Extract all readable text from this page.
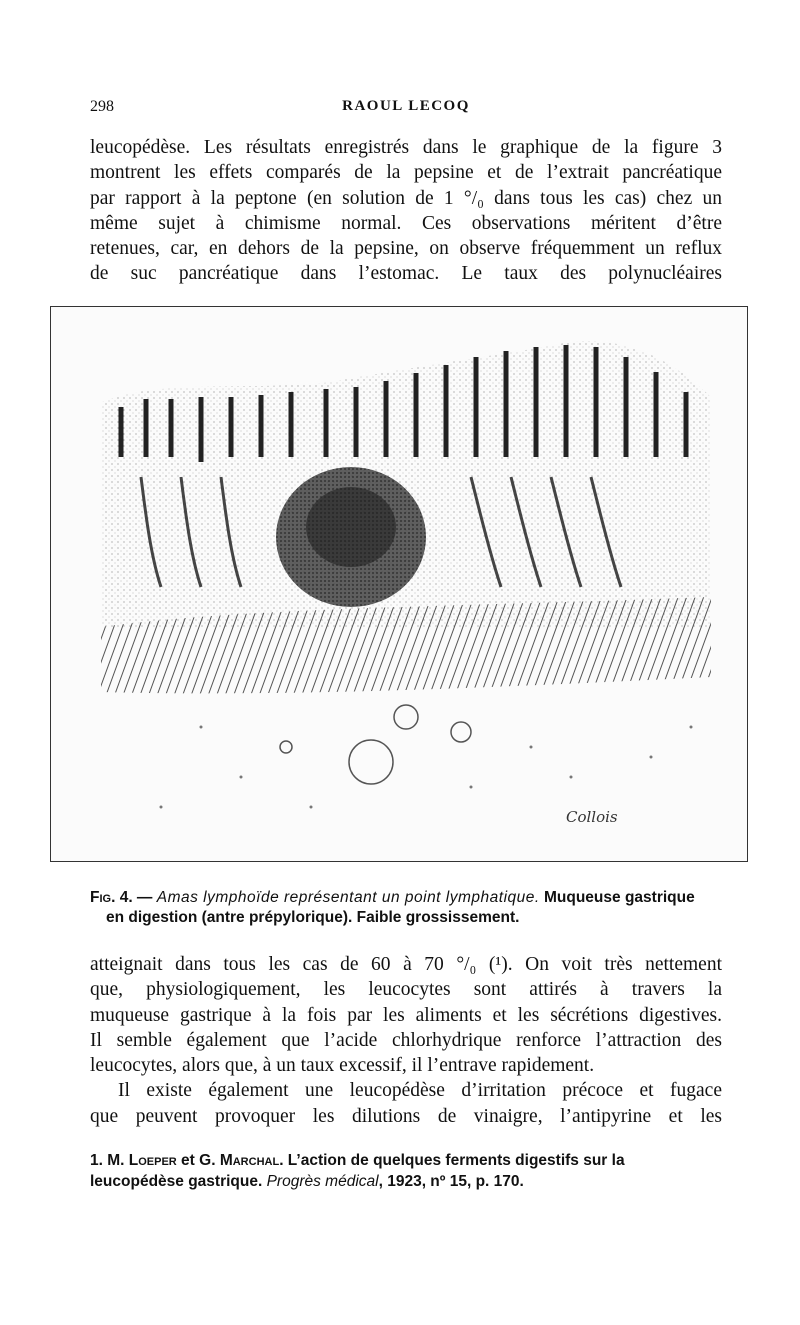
298	RAOUL LECOQ
leucopédèse. Les résultats enregistrés dans le graphique de la figure 3
montrent les effets comparés de la pepsine et de l’extrait pancréatique
par rapport à la peptone (en solution de 1 °/₀ dans tous les cas) chez un
même sujet à chimisme normal. Ces observations méritent d’être
retenues, car, en dehors de la pepsine, on observe fréquemment un reflux
de suc pancréatique dans l’estomac. Le taux des polynucléaires
Collois
Fig. 4. — Amas lymphoïde représentant un point lymphatique. Muqueuse gastrique
en digestion (antre prépylorique). Faible grossissement.
atteignait dans tous les cas de 60 à 70 °/₀ (¹). On voit très nettement
que, physiologiquement, les leucocytes sont attirés à travers la
muqueuse gastrique à la fois par les aliments et les sécrétions digestives.
Il semble également que l’acide chlorhydrique renforce l’attraction des
leucocytes, alors que, à un taux excessif, il l’entrave rapidement.
Il existe également une leucopédèse d’irritation précoce et fugace
que peuvent provoquer les dilutions de vinaigre, l’antipyrine et les
1. M. Loeper et G. Marchal. L’action de quelques ferments digestifs sur la
leucopédèse gastrique. Progrès médical, 1923, nº 15, p. 170.
